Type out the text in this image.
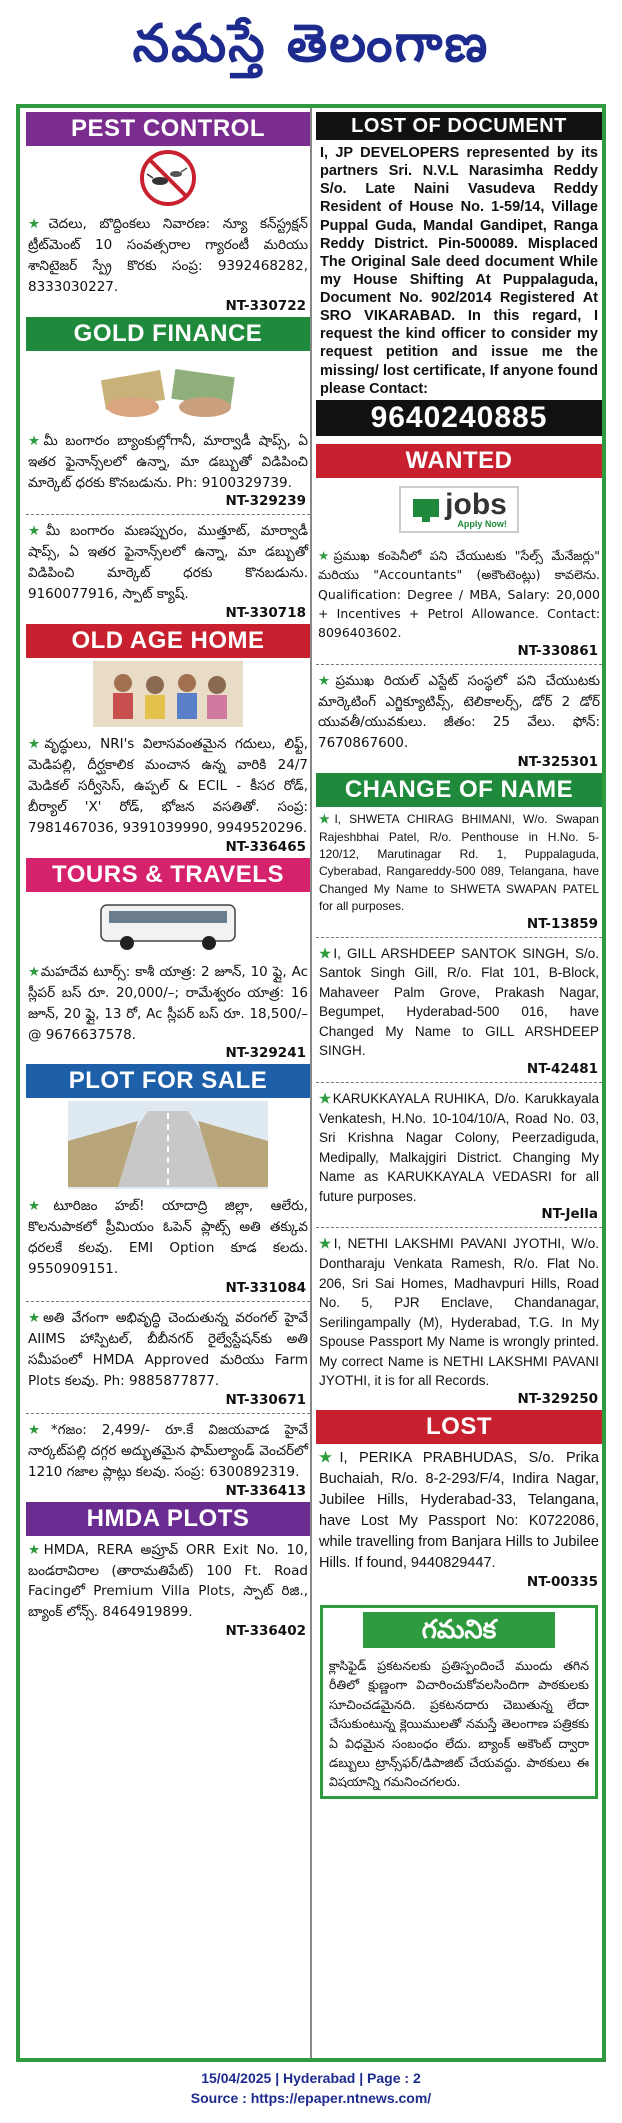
నమస్తే తెలంగాణ
PEST CONTROL
★చెదలు, బొద్దింకలు నివారణ: న్యూ కన్‌స్ట్రక్షన్ ట్రీట్‌మెంట్ 10 సంవత్సరాల గ్యారంటీ మరియు శానిటైజర్ స్ప్రే కొరకు సంప్ర: 9392468282, 8333030227.
NT-330722
GOLD FINANCE
★మీ బంగారం బ్యాంకుల్లోగానీ, మార్వాడీ షాప్స్, ఏ ఇతర ఫైనాన్స్‌లలో ఉన్నా, మా డబ్బుతో విడిపించి మార్కెట్ ధరకు కొనబడును. Ph: 9100329739.
NT-329239
★మీ బంగారం మణప్పురం, ముత్తూట్, మార్వాడీ షాప్స్, ఏ ఇతర ఫైనాన్స్‌లలో ఉన్నా, మా డబ్బుతో విడిపించి మార్కెట్ ధరకు కొనబడును. 9160077916, స్పాట్ క్యాష్.
NT-330718
OLD AGE HOME
★వృద్ధులు, NRI's విలాసవంతమైన గదులు, లిఫ్ట్, మెడిపల్లి, దీర్ఘకాలిక మంచాన ఉన్న వారికి 24/7 మెడికల్ సర్వీసెస్, ఉప్పల్ & ECIL - కీసర రోడ్, బీర్యాల్ 'X' రోడ్, భోజన వసతితో. సంప్ర: 7981467036, 9391039990, 9949520296.
NT-336465
TOURS & TRAVELS
★మహదేవ టూర్స్: కాశీ యాత్ర: 2 జూన్, 10 ఫ్లై, Ac స్లీపర్ బస్ రూ. 20,000/–; రామేశ్వరం యాత్ర: 16 జూన్, 20 ఫ్లై, 13 రో, Ac స్లీపర్ బస్ రూ. 18,500/– @ 9676637578.
NT-329241
PLOT FOR SALE
★టూరిజం హబ్! యాదాద్రి జిల్లా, ఆలేరు, కొలనుపాకలో ప్రీమియం ఓపెన్ ప్లాట్స్ అతి తక్కువ ధరలకే కలవు. EMI Option కూడ కలదు. 9550909151.
NT-331084
★అతి వేగంగా అభివృద్ధి చెందుతున్న వరంగల్ హైవే AIIMS హాస్పిటల్, బీబీనగర్ రైల్వేస్టేషన్‌కు అతి సమీపంలో HMDA Approved మరియు Farm Plots కలవు. Ph: 9885877877.
NT-330671
★*గజం: 2,499/- రూ.కే విజయవాడ హైవే నార్కట్‌పల్లి దగ్గర అద్భుతమైన ఫామ్‌ల్యాండ్ వెంచర్‌లో 1210 గజాల ప్లాట్లు కలవు. సంప్ర: 6300892319.
NT-336413
HMDA PLOTS
★HMDA, RERA అప్రూవ్ ORR Exit No. 10, బండరావిరాల (తారామతిపేట్) 100 Ft. Road Facingలో Premium Villa Plots, స్పాట్ రిజి., బ్యాంక్ లోన్స్. 8464919899.
NT-336402
LOST OF DOCUMENT
I, JP DEVELOPERS represented by its partners Sri. N.V.L Narasimha Reddy S/o. Late Naini Vasudeva Reddy Resident of House No. 1-59/14, Village Puppal Guda, Mandal Gandipet, Ranga Reddy District. Pin-500089. Misplaced The Original Sale deed document While my House Shifting At Puppalaguda, Document No. 902/2014 Registered At SRO VIKARABAD. In this regard, I request the kind officer to consider my request petition and issue me the missing/ lost certificate, If anyone found please Contact:
9640240885
WANTED
jobs
Apply Now!
★ప్రముఖ కంపెనీలో పని చేయుటకు "సేల్స్ మేనేజర్లు" మరియు "Accountants" (అకౌంటెంట్లు) కావలెను. Qualification: Degree / MBA, Salary: 20,000 + Incentives + Petrol Allowance. Contact: 8096403602.
NT-330861
★ప్రముఖ రియల్ ఎస్టేట్ సంస్థలో పని చేయుటకు మార్కెటింగ్ ఎగ్జిక్యూటివ్స్, టెలికాలర్స్, డోర్ 2 డోర్ యువతీ/యువకులు. జీతం: 25 వేలు. ఫోన్: 7670867600.
NT-325301
CHANGE OF NAME
★I, SHWETA CHIRAG BHIMANI, W/o. Swapan Rajeshbhai Patel, R/o. Penthouse in H.No. 5-120/12, Marutinagar Rd. 1, Puppalaguda, Cyberabad, Rangareddy-500 089, Telangana, have Changed My Name to SHWETA SWAPAN PATEL for all purposes.
NT-13859
★I, GILL ARSHDEEP SANTOK SINGH, S/o. Santok Singh Gill, R/o. Flat 101, B-Block, Mahaveer Palm Grove, Prakash Nagar, Begumpet, Hyderabad-500 016, have Changed My Name to GILL ARSHDEEP SINGH.
NT-42481
★KARUKKAYALA RUHIKA, D/o. Karukkayala Venkatesh, H.No. 10-104/10/A, Road No. 03, Sri Krishna Nagar Colony, Peerzadiguda, Medipally, Malkajgiri District. Changing My Name as KARUKKAYALA VEDASRI for all future purposes.
NT-Jella
★I, NETHI LAKSHMI PAVANI JYOTHI, W/o. Dontharaju Venkata Ramesh, R/o. Flat No. 206, Sri Sai Homes, Madhavpuri Hills, Road No. 5, PJR Enclave, Chandanagar, Serilingampally (M), Hyderabad, T.G. In My Spouse Passport My Name is wrongly printed. My correct Name is NETHI LAKSHMI PAVANI JYOTHI, it is for all Records.
NT-329250
LOST
★I, PERIKA PRABHUDAS, S/o. Prika Buchaiah, R/o. 8-2-293/F/4, Indira Nagar, Jubilee Hills, Hyderabad-33, Telangana, have Lost My Passport No: K0722086, while travelling from Banjara Hills to Jubilee Hills. If found, 9440829447.
NT-00335
గమనిక
క్లాసిఫైడ్ ప్రకటనలకు ప్రతిస్పందించే ముందు తగిన రీతిలో క్షుణ్ణంగా విచారించుకోవలసిందిగా పాఠకులకు సూచించడమైనది. ప్రకటనదారు చెబుతున్న లేదా చేసుకుంటున్న క్లెయిములతో నమస్తే తెలంగాణ పత్రికకు ఏ విధమైన సంబంధం లేదు. బ్యాంక్ అకౌంట్ ద్వారా డబ్బులు ట్రాన్స్‌ఫర్/డిపాజిట్ చేయవద్దు. పాఠకులు ఈ విషయాన్ని గమనించగలరు.
15/04/2025 | Hyderabad | Page : 2
Source : https://epaper.ntnews.com/
